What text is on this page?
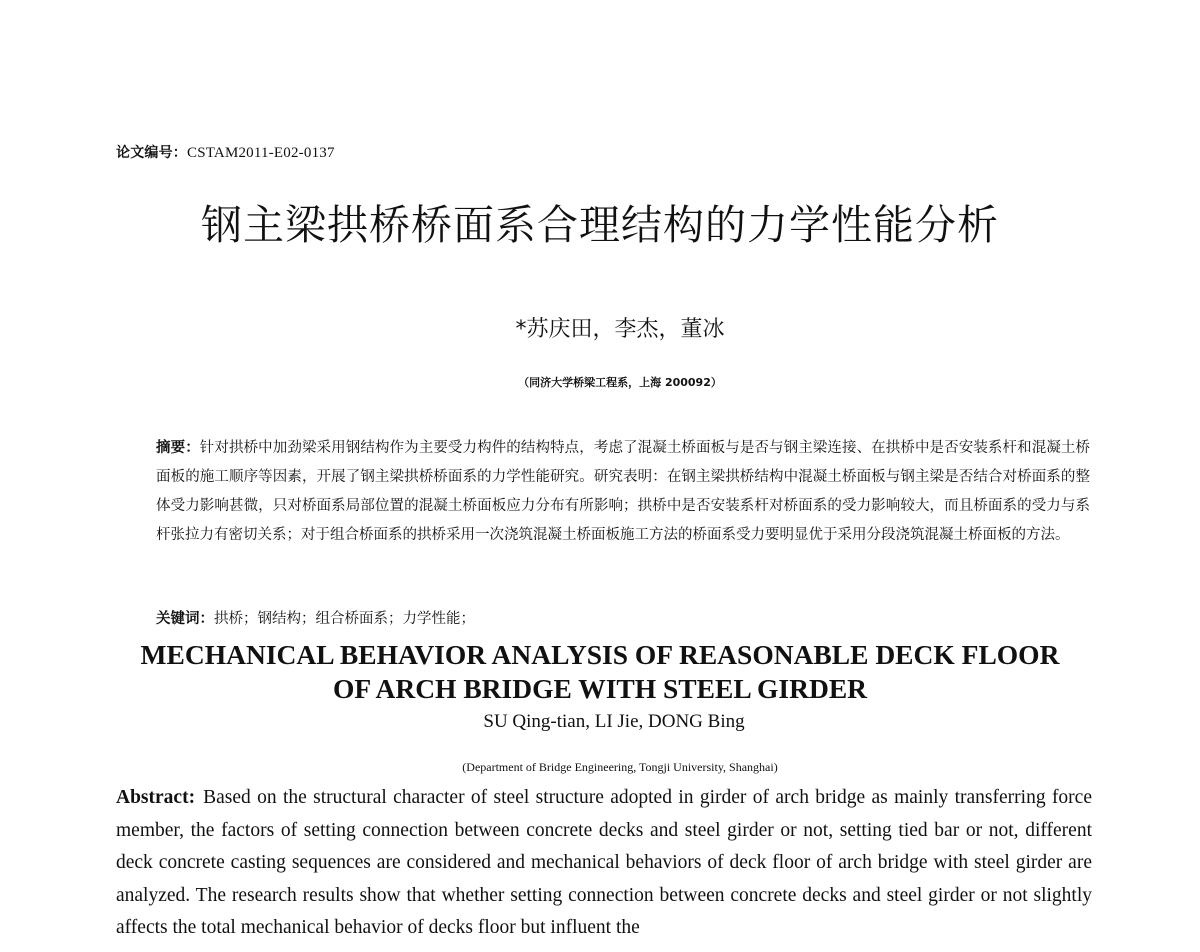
论文编号：CSTAM2011-E02-0137
钢主梁拱桥桥面系合理结构的力学性能分析
*苏庆田，李杰，董冰
（同济大学桥梁工程系，上海 200092）
摘要：针对拱桥中加劲梁采用钢结构作为主要受力构件的结构特点，考虑了混凝土桥面板与是否与钢主梁连接、在拱桥中是否安装系杆和混凝土桥面板的施工顺序等因素，开展了钢主梁拱桥桥面系的力学性能研究。研究表明：在钢主梁拱桥结构中混凝土桥面板与钢主梁是否结合对桥面系的整体受力影响甚微，只对桥面系局部位置的混凝土桥面板应力分布有所影响；拱桥中是否安装系杆对桥面系的受力影响较大，而且桥面系的受力与系杆张拉力有密切关系；对于组合桥面系的拱桥采用一次浇筑混凝土桥面板施工方法的桥面系受力要明显优于采用分段浇筑混凝土桥面板的方法。
关键词：拱桥；钢结构；组合桥面系；力学性能；
MECHANICAL BEHAVIOR ANALYSIS OF REASONABLE DECK FLOOR
OF ARCH BRIDGE WITH STEEL GIRDER
SU Qing-tian, LI Jie, DONG Bing
(Department of Bridge Engineering, Tongji University, Shanghai)
Abstract: Based on the structural character of steel structure adopted in girder of arch bridge as mainly transferring force member, the factors of setting connection between concrete decks and steel girder or not, setting tied bar or not, different deck concrete casting sequences are considered and mechanical behaviors of deck floor of arch bridge with steel girder are analyzed. The research results show that whether setting connection between concrete decks and steel girder or not slightly affects the total mechanical behavior of decks floor but influent the
